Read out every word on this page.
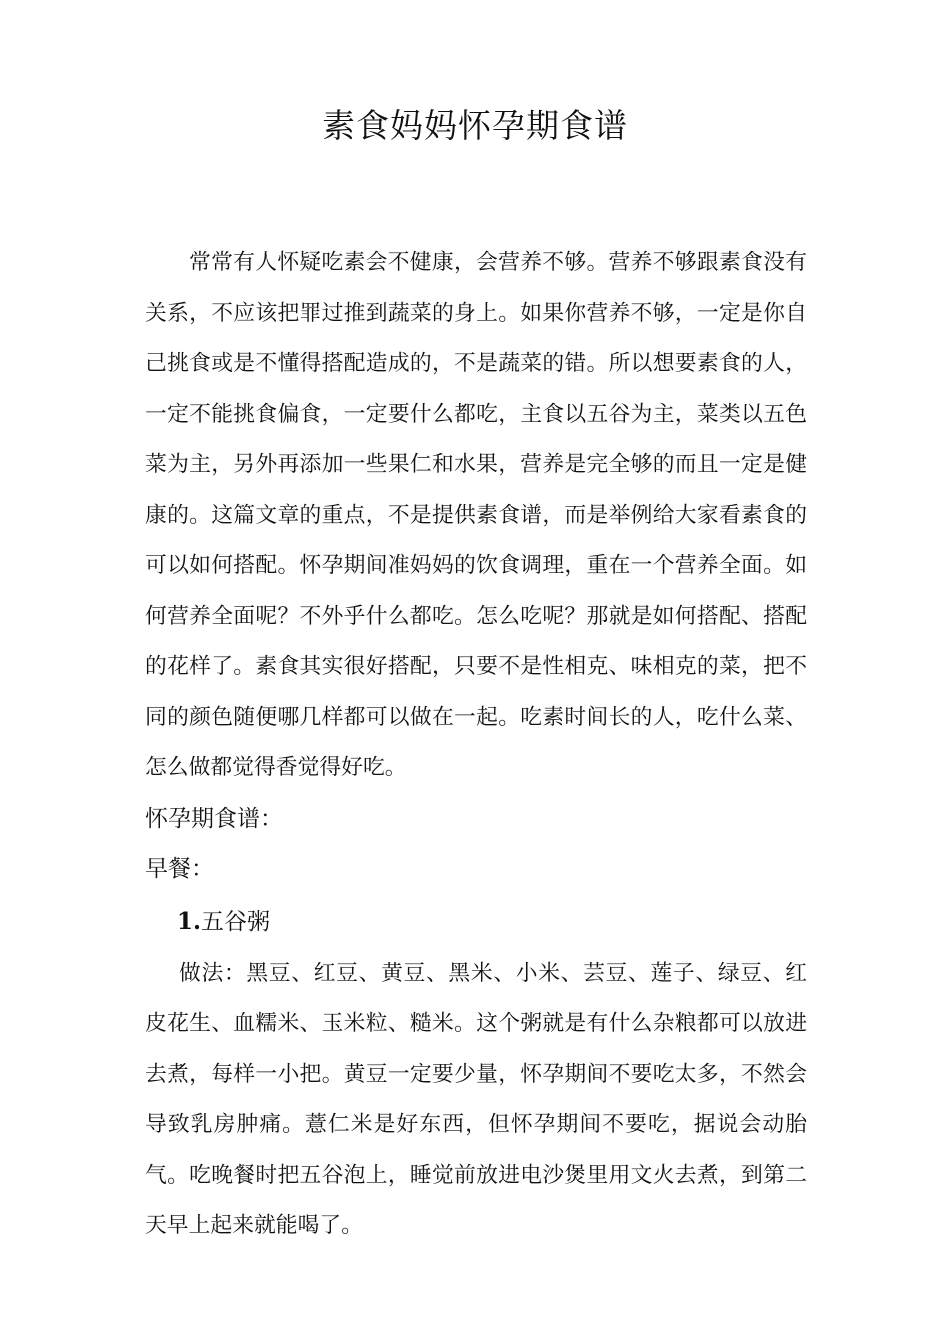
素食妈妈怀孕期食谱

常常有人怀疑吃素会不健康，会营养不够。营养不够跟素食没有关系，不应该把罪过推到蔬菜的身上。如果你营养不够，一定是你自己挑食或是不懂得搭配造成的，不是蔬菜的错。所以想要素食的人，一定不能挑食偏食，一定要什么都吃，主食以五谷为主，菜类以五色菜为主，另外再添加一些果仁和水果，营养是完全够的而且一定是健康的。这篇文章的重点，不是提供素食谱，而是举例给大家看素食的可以如何搭配。怀孕期间准妈妈的饮食调理，重在一个营养全面。如何营养全面呢？不外乎什么都吃。怎么吃呢？那就是如何搭配、搭配的花样了。素食其实很好搭配，只要不是性相克、味相克的菜，把不同的颜色随便哪几样都可以做在一起。吃素时间长的人，吃什么菜、怎么做都觉得香觉得好吃。

怀孕期食谱：

早餐：

1.五谷粥

做法：黑豆、红豆、黄豆、黑米、小米、芸豆、莲子、绿豆、红皮花生、血糯米、玉米粒、糙米。这个粥就是有什么杂粮都可以放进去煮，每样一小把。黄豆一定要少量，怀孕期间不要吃太多，不然会导致乳房肿痛。薏仁米是好东西，但怀孕期间不要吃，据说会动胎气。吃晚餐时把五谷泡上，睡觉前放进电沙煲里用文火去煮，到第二天早上起来就能喝了。
